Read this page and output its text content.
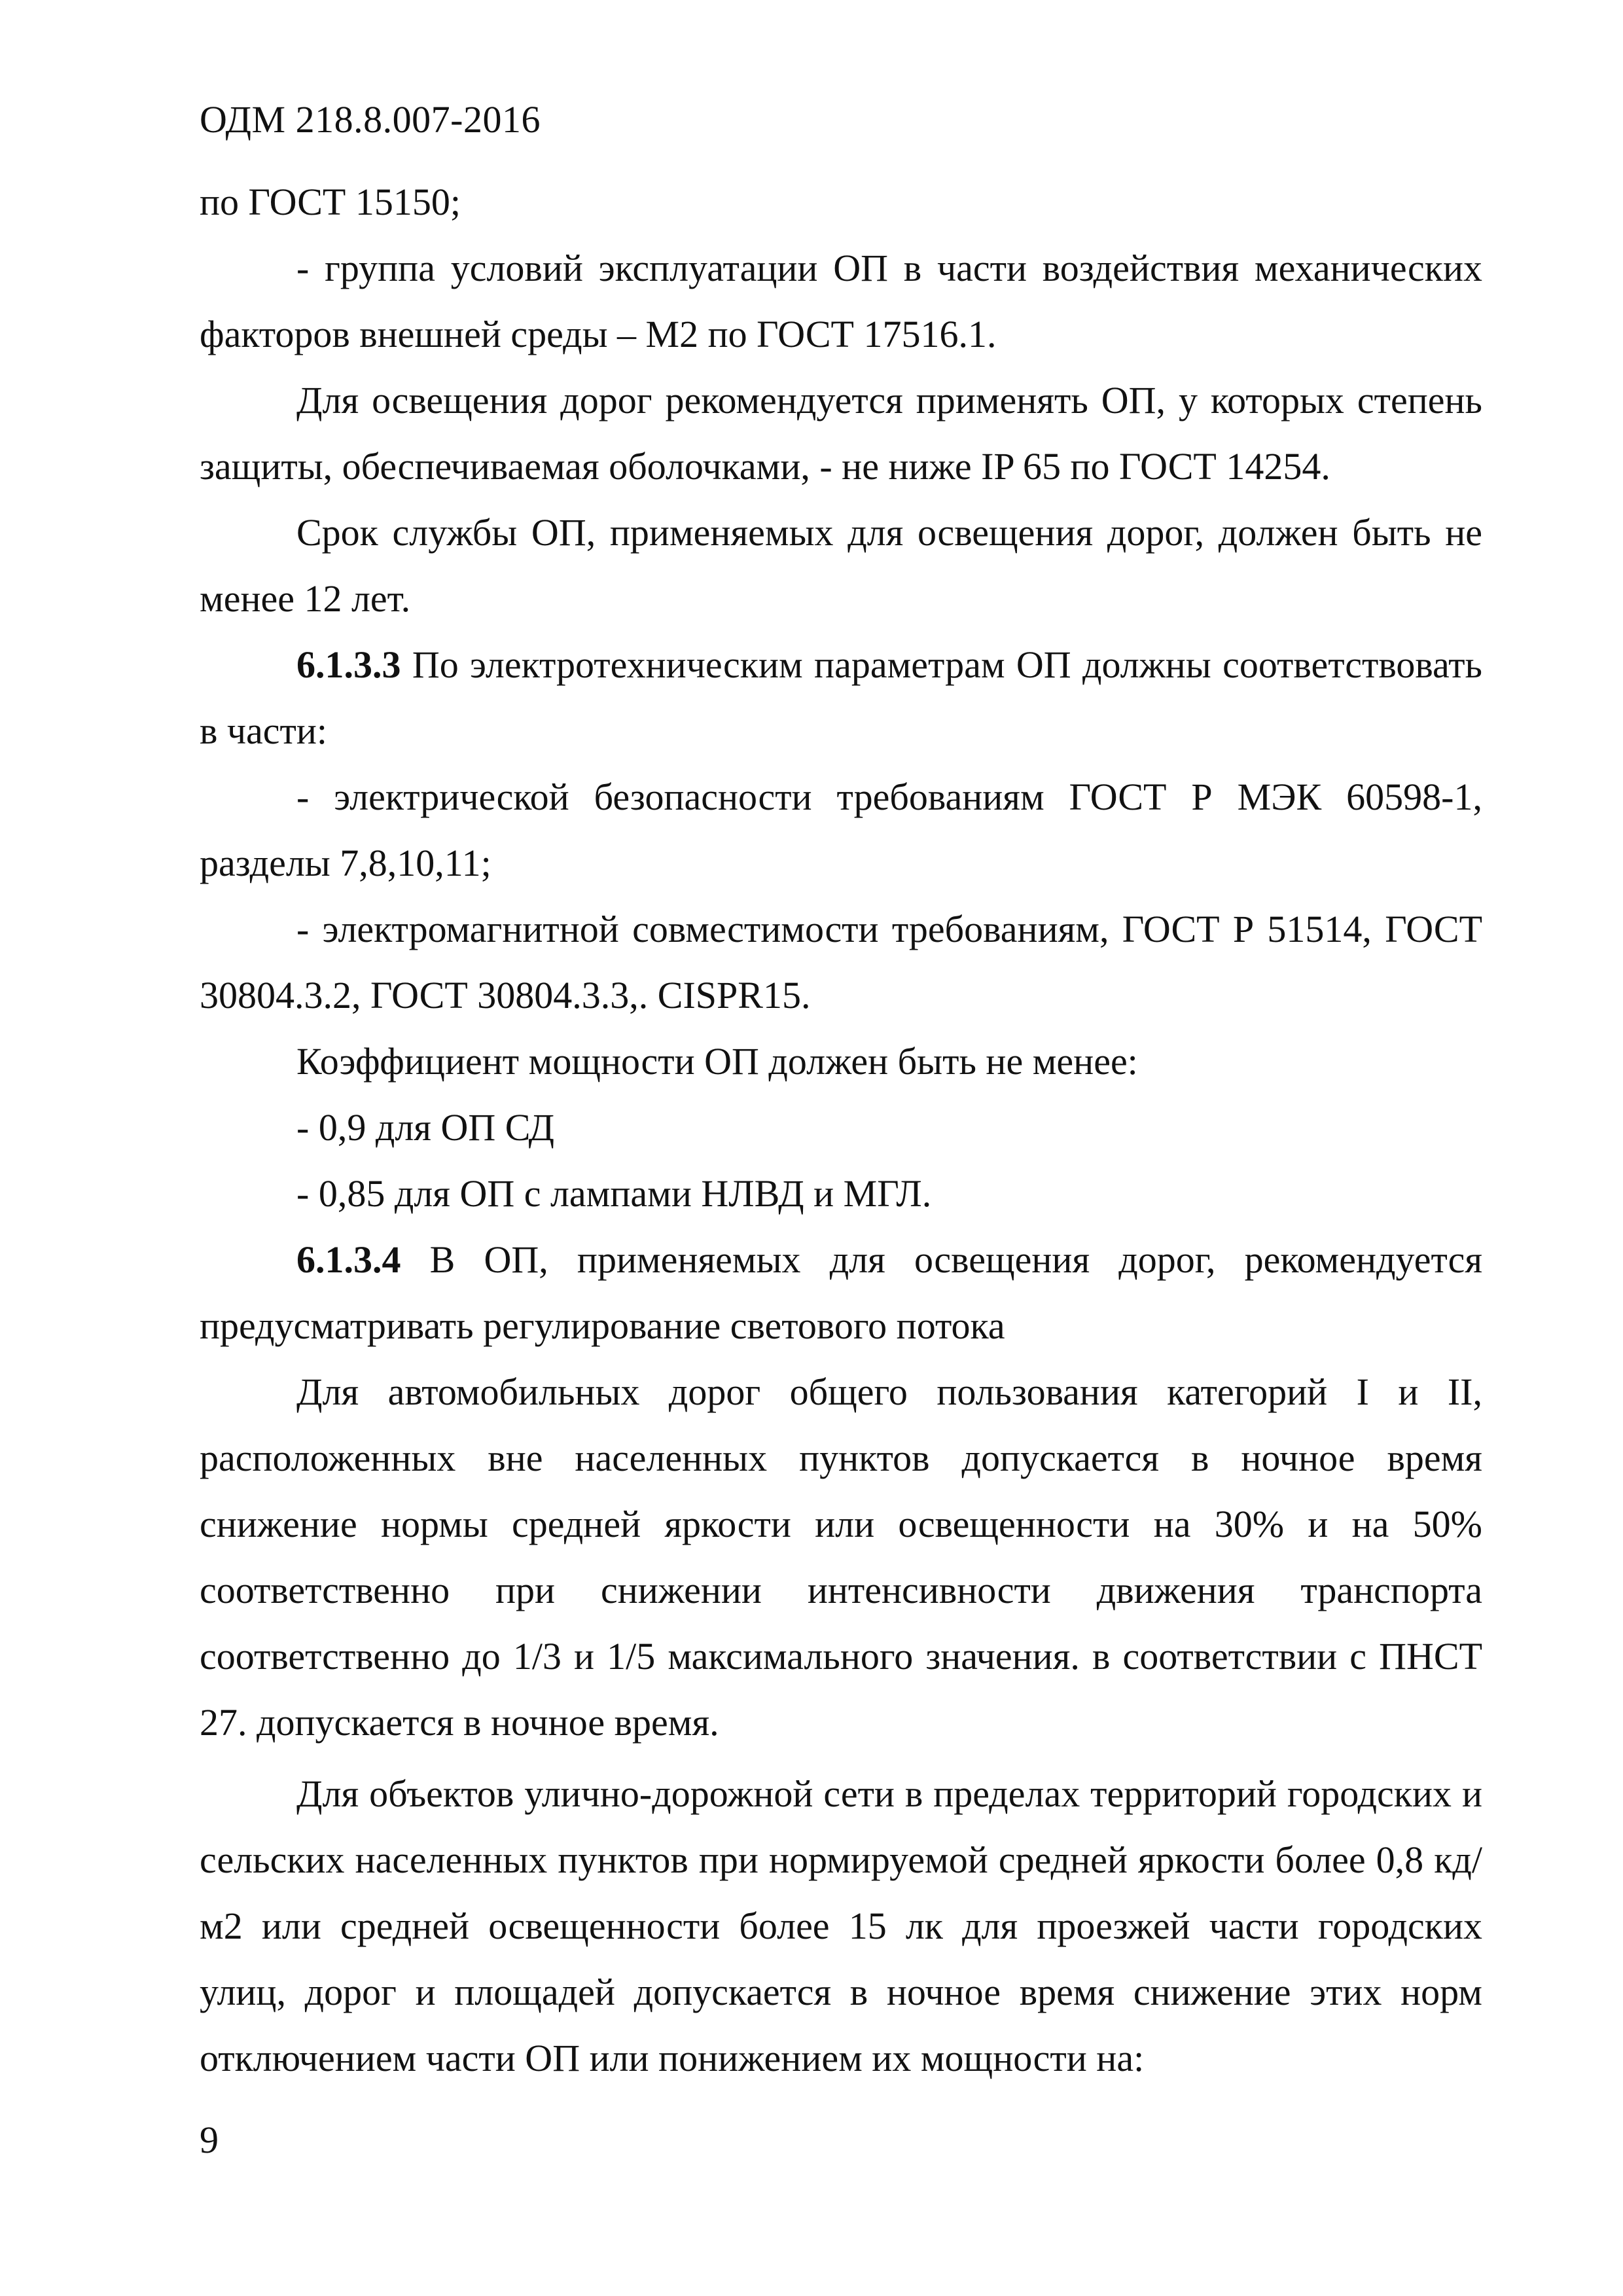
ОДМ 218.8.007-2016

по ГОСТ 15150;

- группа условий эксплуатации ОП в части воздействия механических факторов внешней среды – М2 по ГОСТ 17516.1.

Для освещения дорог рекомендуется применять ОП, у которых степень защиты, обеспечиваемая оболочками, - не ниже IP 65 по ГОСТ 14254.

Срок службы ОП, применяемых для освещения дорог, должен быть не менее 12 лет.

6.1.3.3 По электротехническим параметрам ОП должны соответствовать в части:

- электрической безопасности требованиям ГОСТ Р МЭК 60598-1, разделы 7,8,10,11;

- электромагнитной совместимости требованиям, ГОСТ Р 51514, ГОСТ 30804.3.2, ГОСТ 30804.3.3,. CISPR15.

Коэффициент мощности ОП должен быть не менее:

- 0,9 для ОП СД

- 0,85 для ОП с лампами НЛВД и МГЛ.

6.1.3.4 В ОП, применяемых для освещения дорог, рекомендуется предусматривать регулирование светового потока

Для автомобильных дорог общего пользования категорий I и II, расположенных вне населенных пунктов допускается в ночное время снижение нормы средней яркости или освещенности на 30% и на 50% соответственно при снижении интенсивности движения транспорта соответственно до 1/3 и 1/5 максимального значения. в соответствии с ПНСТ 27. допускается в ночное время.

Для объектов улично-дорожной сети в пределах территорий городских и сельских населенных пунктов при нормируемой средней яркости более 0,8 кд/м2 или средней освещенности более 15 лк для проезжей части городских улиц, дорог и площадей допускается в ночное время снижение этих норм отключением части ОП или понижением их мощности на:

9
